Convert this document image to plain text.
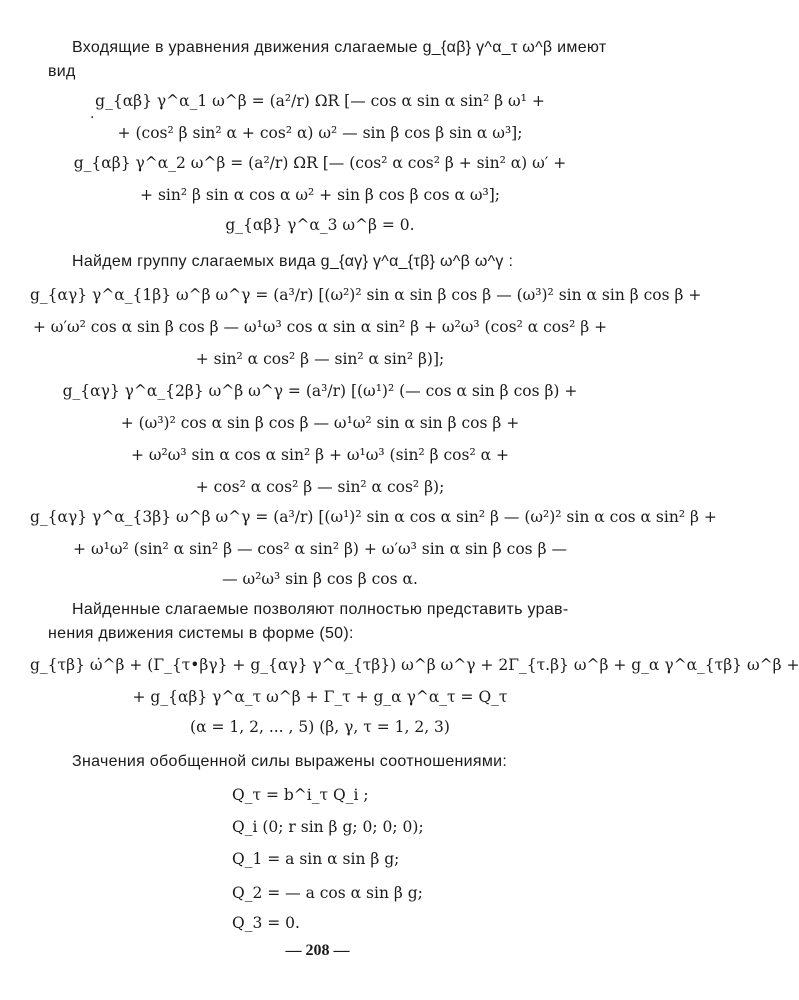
·
Входящие в уравнения движения слагаемые g_{αβ} γ^α_τ ω^β имеют
вид
g_{αβ} γ^α_1 ω^β = (a²/r) ΩR [— cos α sin α sin² β ω¹ +
+ (cos² β sin² α + cos² α) ω² — sin β cos β sin α ω³];
g_{αβ} γ^α_2 ω^β = (a²/r) ΩR [— (cos² α cos² β + sin² α) ω′ +
+ sin² β sin α cos α ω² + sin β cos β cos α ω³];
g_{αβ} γ^α_3 ω^β = 0.
Найдем группу слагаемых вида g_{αγ} γ^α_{τβ} ω^β ω^γ :
g_{αγ} γ^α_{1β} ω^β ω^γ = (a³/r) [(ω²)² sin α sin β cos β — (ω³)² sin α sin β cos β +
+ ω′ω² cos α sin β cos β — ω¹ω³ cos α sin α sin² β + ω²ω³ (cos² α cos² β +
+ sin² α cos² β — sin² α sin² β)];
g_{αγ} γ^α_{2β} ω^β ω^γ = (a³/r) [(ω¹)² (— cos α sin β cos β) +
+ (ω³)² cos α sin β cos β — ω¹ω² sin α sin β cos β +
+ ω²ω³ sin α cos α sin² β + ω¹ω³ (sin² β cos² α +
+ cos² α cos² β — sin² α cos² β);
g_{αγ} γ^α_{3β} ω^β ω^γ = (a³/r) [(ω¹)² sin α cos α sin² β — (ω²)² sin α cos α sin² β +
+ ω¹ω² (sin² α sin² β — cos² α sin² β) + ω′ω³ sin α sin β cos β —
— ω²ω³ sin β cos β cos α.
Найденные слагаемые позволяют полностью представить урав-
нения движения системы в форме (50):
g_{τβ} ω̇^β + (Γ_{τ•βγ} + g_{αγ} γ^α_{τβ}) ω^β ω^γ + 2Γ_{τ.β} ω^β + g_α γ^α_{τβ} ω^β +
+ g_{αβ} γ^α_τ ω^β + Γ_τ + g_α γ^α_τ = Q_τ
(α = 1, 2, ... , 5) (β, γ, τ = 1, 2, 3)
Значения обобщенной силы выражены соотношениями:
Q_τ = b^i_τ Q_i ;
Q_i (0; r sin β g; 0; 0; 0);
Q_1 = a sin α sin β g;
Q_2 = — a cos α sin β g;
Q_3 = 0.
— 208 —
